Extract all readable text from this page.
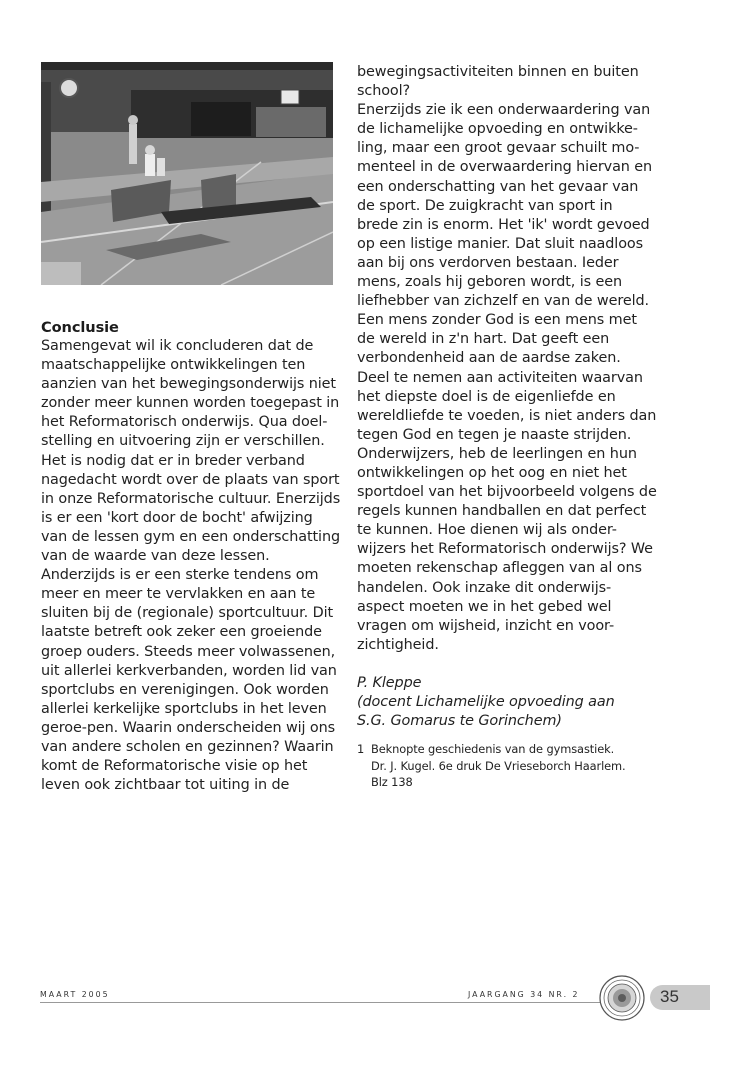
Conclusie

Samengevat wil ik concluderen dat de maatschappelijke ontwikkelingen ten aanzien van het bewegingsonderwijs niet zonder meer kunnen worden toegepast in het Reformatorisch onderwijs. Qua doel-stelling en uitvoering zijn er verschillen. Het is nodig dat er in breder verband nagedacht wordt over de plaats van sport in onze Reformatorische cultuur. Enerzijds is er een 'kort door de bocht' afwijzing van de lessen gym en een onderschatting van de waarde van deze lessen. Anderzijds is er een sterke tendens om meer en meer te vervlakken en aan te sluiten bij de (regionale) sportcultuur. Dit laatste betreft ook zeker een groeiende groep ouders. Steeds meer volwassenen, uit allerlei kerkverbanden, worden lid van sportclubs en verenigingen. Ook worden allerlei kerkelijke sportclubs in het leven geroe-pen. Waarin onderscheiden wij ons van andere scholen en gezinnen? Waarin komt de Reformatorische visie op het leven ook zichtbaar tot uiting in de

bewegingsactiviteiten binnen en buiten school?

Enerzijds zie ik een onderwaardering van de lichamelijke opvoeding en ontwikke-ling, maar een groot gevaar schuilt mo-menteel in de overwaardering hiervan en een onderschatting van het gevaar van de sport. De zuigkracht van sport in brede zin is enorm. Het 'ik' wordt gevoed op een listige manier. Dat sluit naadloos aan bij ons verdorven bestaan. Ieder mens, zoals hij geboren wordt, is een liefhebber van zichzelf en van de wereld. Een mens zonder God is een mens met de wereld in z'n hart. Dat geeft een verbondenheid aan de aardse zaken. Deel te nemen aan activiteiten waarvan het diepste doel is de eigenliefde en wereldliefde te voeden, is niet anders dan tegen God en tegen je naaste strijden.

Onderwijzers, heb de leerlingen en hun ontwikkelingen op het oog en niet het sportdoel van het bijvoorbeeld volgens de regels kunnen handballen en dat perfect te kunnen. Hoe dienen wij als onder-wijzers het Reformatorisch onderwijs? We moeten rekenschap afleggen van al ons handelen. Ook inzake dit onderwijs-aspect moeten we in het gebed wel vragen om wijsheid, inzicht en voor-zichtigheid.

P. Kleppe
(docent Lichamelijke opvoeding aan
S.G. Gomarus te Gorinchem)

1 Beknopte geschiedenis van de gymsastiek.
Dr. J. Kugel. 6e druk De Vrieseborch Haarlem.
Blz 138

MAART 2005	JAARGANG 34 NR. 2	35
